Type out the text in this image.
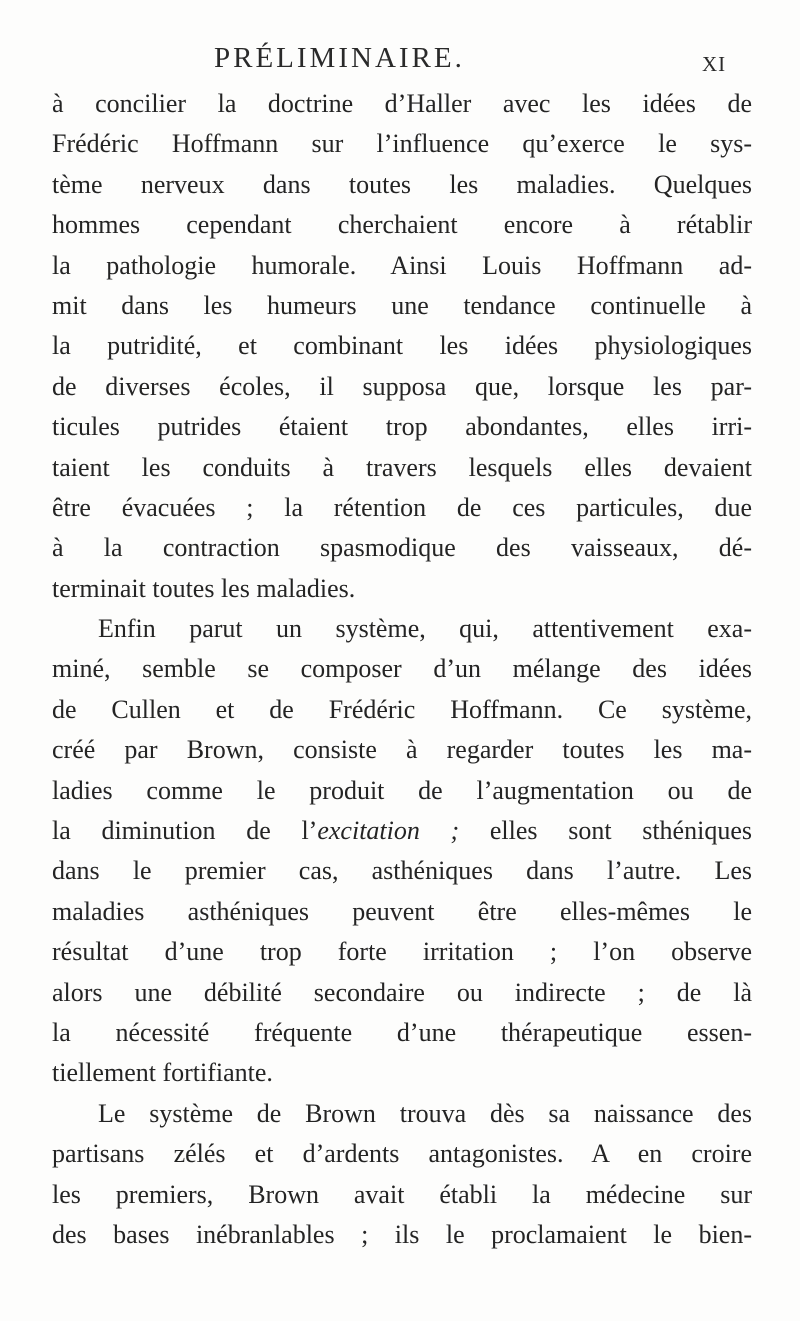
PRÉLIMINAIRE.	XI
à concilier la doctrine d’Haller avec les idées de
Frédéric Hoffmann sur l’influence qu’exerce le sys-
tème nerveux dans toutes les maladies. Quelques
hommes cependant cherchaient encore à rétablir
la pathologie humorale. Ainsi Louis Hoffmann ad-
mit dans les humeurs une tendance continuelle à
la putridité, et combinant les idées physiologiques
de diverses écoles, il supposa que, lorsque les par-
ticules putrides étaient trop abondantes, elles irri-
taient les conduits à travers lesquels elles devaient
être évacuées ; la rétention de ces particules, due
à la contraction spasmodique des vaisseaux, dé-
terminait toutes les maladies.
Enfin parut un système, qui, attentivement exa-
miné, semble se composer d’un mélange des idées
de Cullen et de Frédéric Hoffmann. Ce système,
créé par Brown, consiste à regarder toutes les ma-
ladies comme le produit de l’augmentation ou de
la diminution de l’excitation ; elles sont sthéniques
dans le premier cas, asthéniques dans l’autre. Les
maladies asthéniques peuvent être elles-mêmes le
résultat d’une trop forte irritation ; l’on observe
alors une débilité secondaire ou indirecte ; de là
la nécessité fréquente d’une thérapeutique essen-
tiellement fortifiante.
Le système de Brown trouva dès sa naissance des
partisans zélés et d’ardents antagonistes. A en croire
les premiers, Brown avait établi la médecine sur
des bases inébranlables ; ils le proclamaient le bien-
